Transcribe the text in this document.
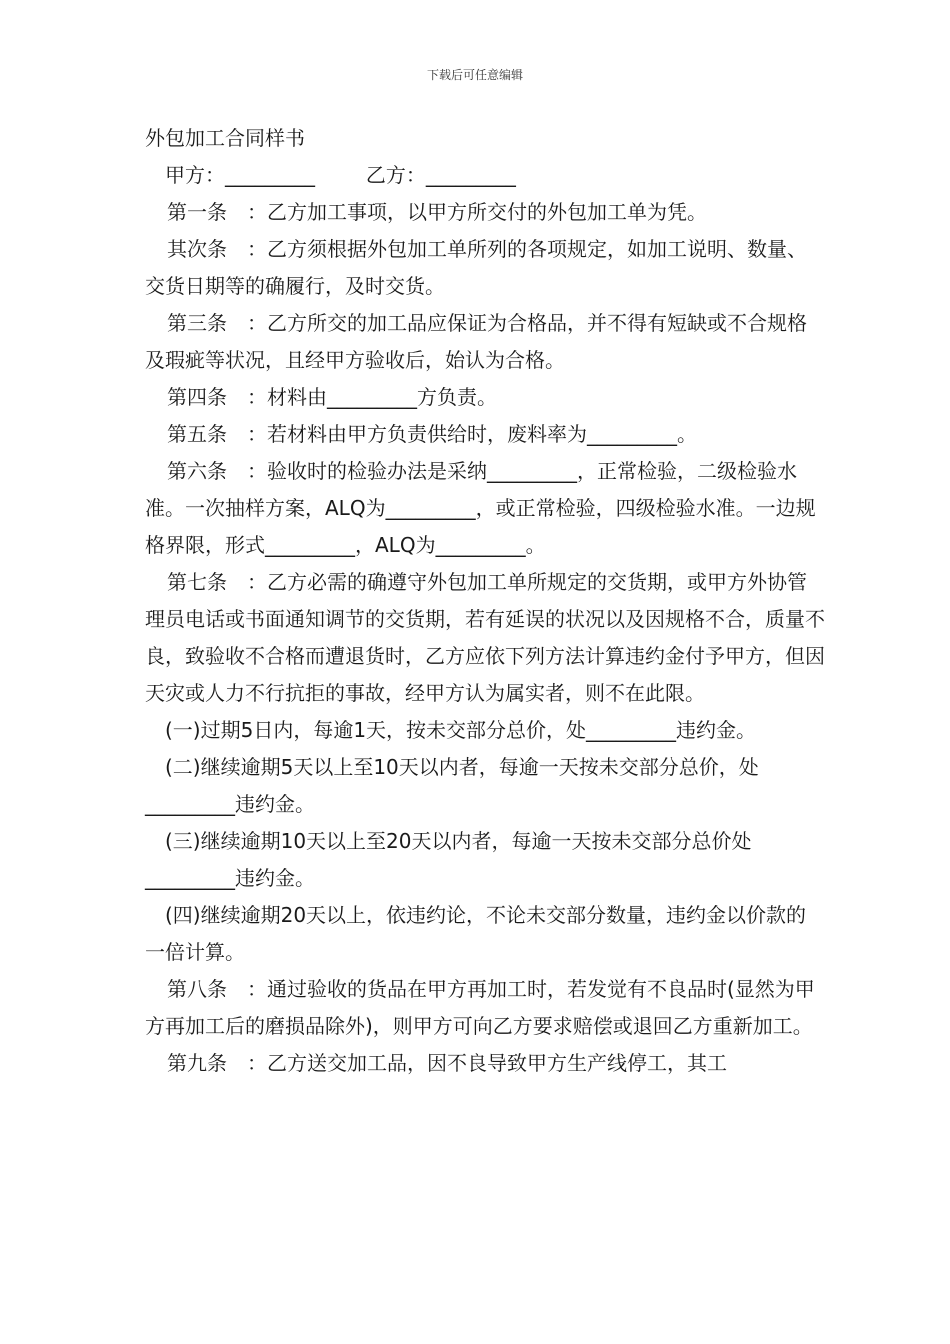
下载后可任意编辑

外包加工合同样书

甲方：_________        乙方：_________

第一条　：乙方加工事项，以甲方所交付的外包加工单为凭。

其次条　：乙方须根据外包加工单所列的各项规定，如加工说明、数量、交货日期等的确履行，及时交货。

第三条　：乙方所交的加工品应保证为合格品，并不得有短缺或不合规格及瑕疵等状况，且经甲方验收后，始认为合格。

第四条　：材料由_________方负责。

第五条　：若材料由甲方负责供给时，废料率为_________。

第六条　：验收时的检验办法是采纳_________，正常检验，二级检验水准。一次抽样方案，ALQ为_________，或正常检验，四级检验水准。一边规格界限，形式_________，ALQ为_________。

第七条　：乙方必需的确遵守外包加工单所规定的交货期，或甲方外协管理员电话或书面通知调节的交货期，若有延误的状况以及因规格不合，质量不良，致验收不合格而遭退货时，乙方应依下列方法计算违约金付予甲方，但因天灾或人力不行抗拒的事故，经甲方认为属实者，则不在此限。

(一)过期5日内，每逾1天，按未交部分总价，处_________违约金。

(二)继续逾期5天以上至10天以内者，每逾一天按未交部分总价，处_________违约金。

(三)继续逾期10天以上至20天以内者，每逾一天按未交部分总价处_________违约金。

(四)继续逾期20天以上，依违约论，不论未交部分数量，违约金以价款的一倍计算。

第八条　：通过验收的货品在甲方再加工时，若发觉有不良品时(显然为甲方再加工后的磨损品除外)，则甲方可向乙方要求赔偿或退回乙方重新加工。

第九条　：乙方送交加工品，因不良导致甲方生产线停工，其工
